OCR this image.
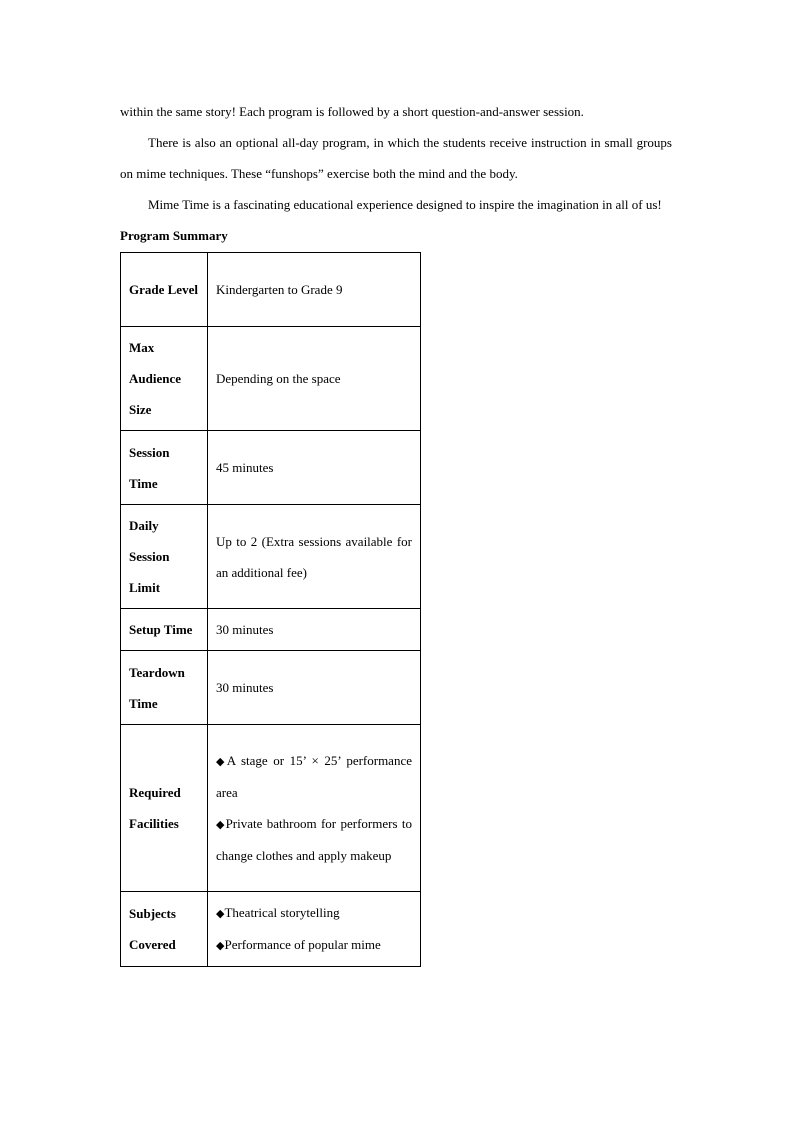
within the same story! Each program is followed by a short question-and-answer session.

There is also an optional all-day program, in which the students receive instruction in small groups on mime techniques. These “funshops” exercise both the mind and the body.

Mime Time is a fascinating educational experience designed to inspire the imagination in all of us!

Program Summary

Grade Level	Kindergarten to Grade 9
Max Audience Size	Depending on the space
Session Time	45 minutes
Daily Session Limit	Up to 2 (Extra sessions available for an additional fee)
Setup Time	30 minutes
Teardown Time	30 minutes
Required Facilities	◆A stage or 15’ × 25’ performance area
◆Private bathroom for performers to change clothes and apply makeup

Subjects Covered	◆Theatrical storytelling
◆Performance of popular mime
